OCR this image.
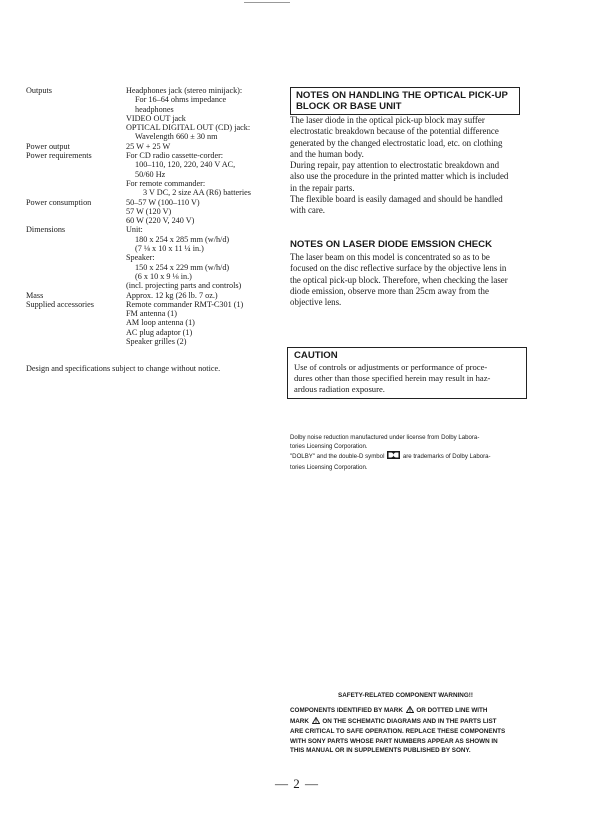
Outputs	Headphones jack (stereo minijack):
For 16–64 ohms impedance
headphones
VIDEO OUT jack
OPTICAL DIGITAL OUT (CD) jack:
Wavelength 660 ± 30 nm
Power output	25 W + 25 W
Power requirements	For CD radio cassette-corder:
100–110, 120, 220, 240 V AC,
50/60 Hz
For remote commander:
3 V DC, 2 size AA (R6) batteries
Power consumption	50–57 W (100–110 V)
57 W (120 V)
60 W (220 V, 240 V)
Dimensions	Unit:
180 x 254 x 285 mm (w/h/d)
(7 ⅛ x 10 x 11 ¼ in.)
Speaker:
150 x 254 x 229 mm (w/h/d)
(6 x 10 x 9 ⅛ in.)
(incl. projecting parts and controls)
Mass	Approx. 12 kg (26 lb. 7 oz.)
Supplied accessories	Remote commander RMT-C301 (1)
FM antenna (1)
AM loop antenna (1)
AC plug adaptor (1)
Speaker grilles (2)
Design and specifications subject to change without notice.
NOTES ON HANDLING THE OPTICAL PICK-UP
BLOCK OR BASE UNIT
The laser diode in the optical pick-up block may suffer
electrostatic breakdown because of the potential difference
generated by the changed electrostatic load, etc. on clothing
and the human body.
During repair, pay attention to electrostatic breakdown and
also use the procedure in the printed matter which is included
in the repair parts.
The flexible board is easily damaged and should be handled
with care.
NOTES ON LASER DIODE EMSSION CHECK
The laser beam on this model is concentrated so as to be
focused on the disc reflective surface by the objective lens in
the optical pick-up block. Therefore, when checking the laser
diode emission, observe more than 25cm away from the
objective lens.
CAUTION
Use of controls or adjustments or performance of proce-
dures other than those specified herein may result in haz-
ardous radiation exposure.
Dolby noise reduction manufactured under license from Dolby Labora-
tories Licensing Corporation.
"DOLBY" and the double-D symbol	are trademarks of Dolby Labora-
tories Licensing Corporation.
SAFETY-RELATED COMPONENT WARNING!!
COMPONENTS IDENTIFIED BY MARK OR DOTTED LINE WITH
MARK ON THE SCHEMATIC DIAGRAMS AND IN THE PARTS LIST
ARE CRITICAL TO SAFE OPERATION. REPLACE THESE COMPONENTS
WITH SONY PARTS WHOSE PART NUMBERS APPEAR AS SHOWN IN
THIS MANUAL OR IN SUPPLEMENTS PUBLISHED BY SONY.
— 2 —
